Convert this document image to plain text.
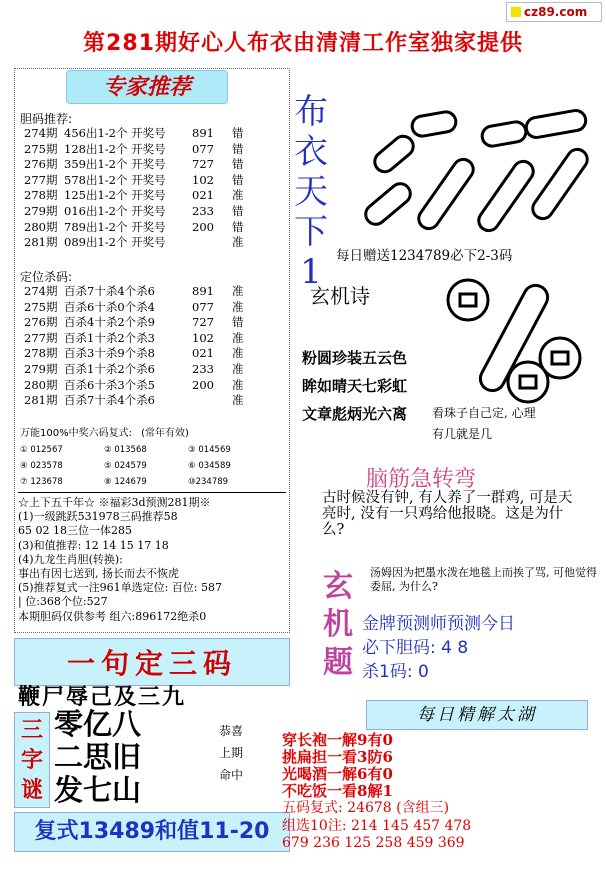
cz89.com
第281期好心人布衣由清清工作室独家提供
专家推荐
胆码推荐:
274期 456出1-2个 开奖号	891	错
275期 128出1-2个 开奖号	077	错
276期 359出1-2个 开奖号	727	错
277期 578出1-2个 开奖号	102	错
278期 125出1-2个 开奖号	021	准
279期 016出1-2个 开奖号	233	错
280期 789出1-2个 开奖号	200	错
281期 089出1-2个 开奖号	准
定位杀码:
274期 百杀7十杀4个杀6	891	准
275期 百杀6十杀0个杀4	077	准
276期 百杀4十杀2个杀9	727	错
277期 百杀1十杀2个杀3	102	准
278期 百杀3十杀9个杀8	021	准
279期 百杀1十杀2个杀6	233	准
280期 百杀6十杀3个杀5	200	准
281期 百杀7十杀4个杀6	准
万能100%中奖六码复式: (常年有效)
① 012567	② 013568	③ 014569
④ 023578	⑤ 024579	⑥ 034589
⑦ 123678	⑧ 124679	⑩234789
☆上下五千年☆ ※福彩3d预测281期※
(1)一级跳跃531978三码推荐58
65 02 18三位一体285
(3)和值推荐: 12 14 15 17 18
(4)九龙生肖胆(转换):
事出有因七送到, 扬长而去不恢虎
(5)推荐复式一注961单选定位: 百位: 587
| 位:368个位:527
本期胆码仅供参考 组六:896172绝杀0
一句定三码
鞭尸辱己及三九
三
字
谜
零亿八
二思旧
发七山
恭喜
上期
命中
复式13489和值11-20
布
衣
天
下
1	每日赠送1234789必下2-3码
玄机诗
粉圆珍装五云色
眸如晴天七彩虹
文章彪炳光六离 看珠子自己定, 心理
有几就是几
脑筋急转弯
古时候没有钟, 有人养了一群鸡, 可是天亮时, 没有一只鸡给他报晓。这是为什么?
玄
机
题
汤姆因为把墨水泼在地毯上而挨了骂, 可他觉得委屈, 为什么?
金牌预测师预测今日
必下胆码: 4 8
杀1码: 0
每日精解太湖
穿长袍一解9有0
挑扁担一看3防6
光喝酒一解6有0
不吃饭一看8解1
五码复式: 24678 (含组三)
组选10注: 214 145 457 478
679 236 125 258 459 369
